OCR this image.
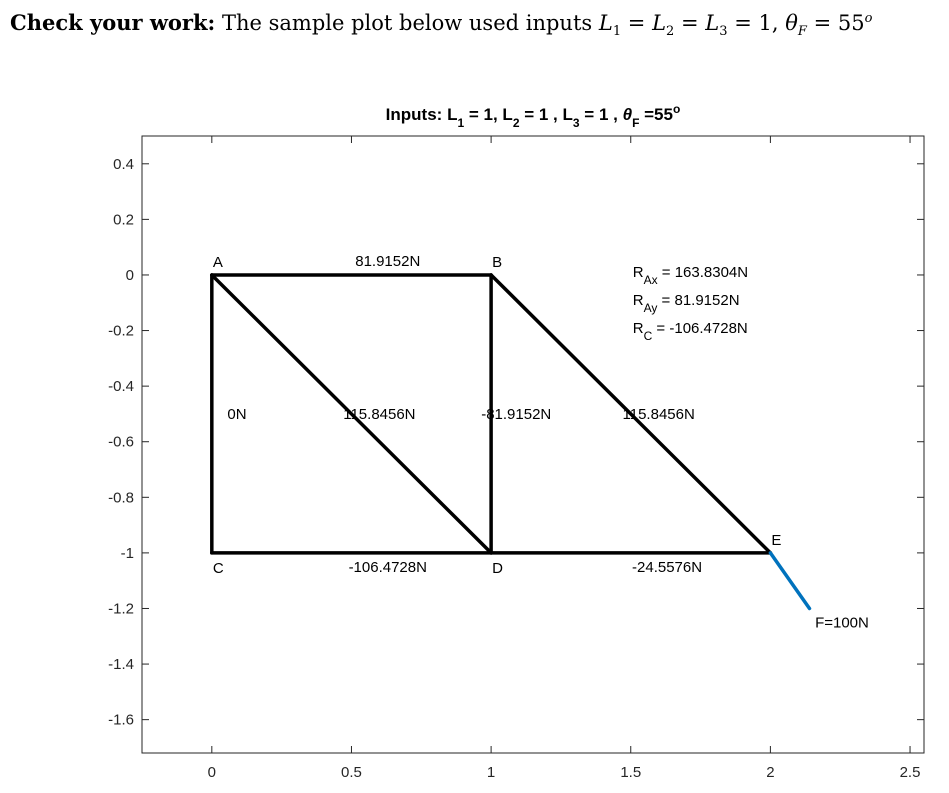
Check your work: The sample plot below used inputs $L_1 = L_2 = L_3 = 1$, $\theta_F = 55^o$
Inputs: $L_1 = 1$, $L_2 = 1$ , $L_3 = 1$ , $\theta_F =55^o$
0	0.5	1	1.5	2	2.5
0.4
0.2
0
-0.2
-0.4
-0.6
-0.8
-1
-1.2
-1.4
-1.6
A	B
C	D
E
81.9152N
0N	115.8456N	-81.9152N	115.8456N
-106.4728N	-24.5576N
F=100N
$R_{Ax} = 163.8304N$
$R_{Ay} = 81.9152N$
$R_C = -106.4728N$
